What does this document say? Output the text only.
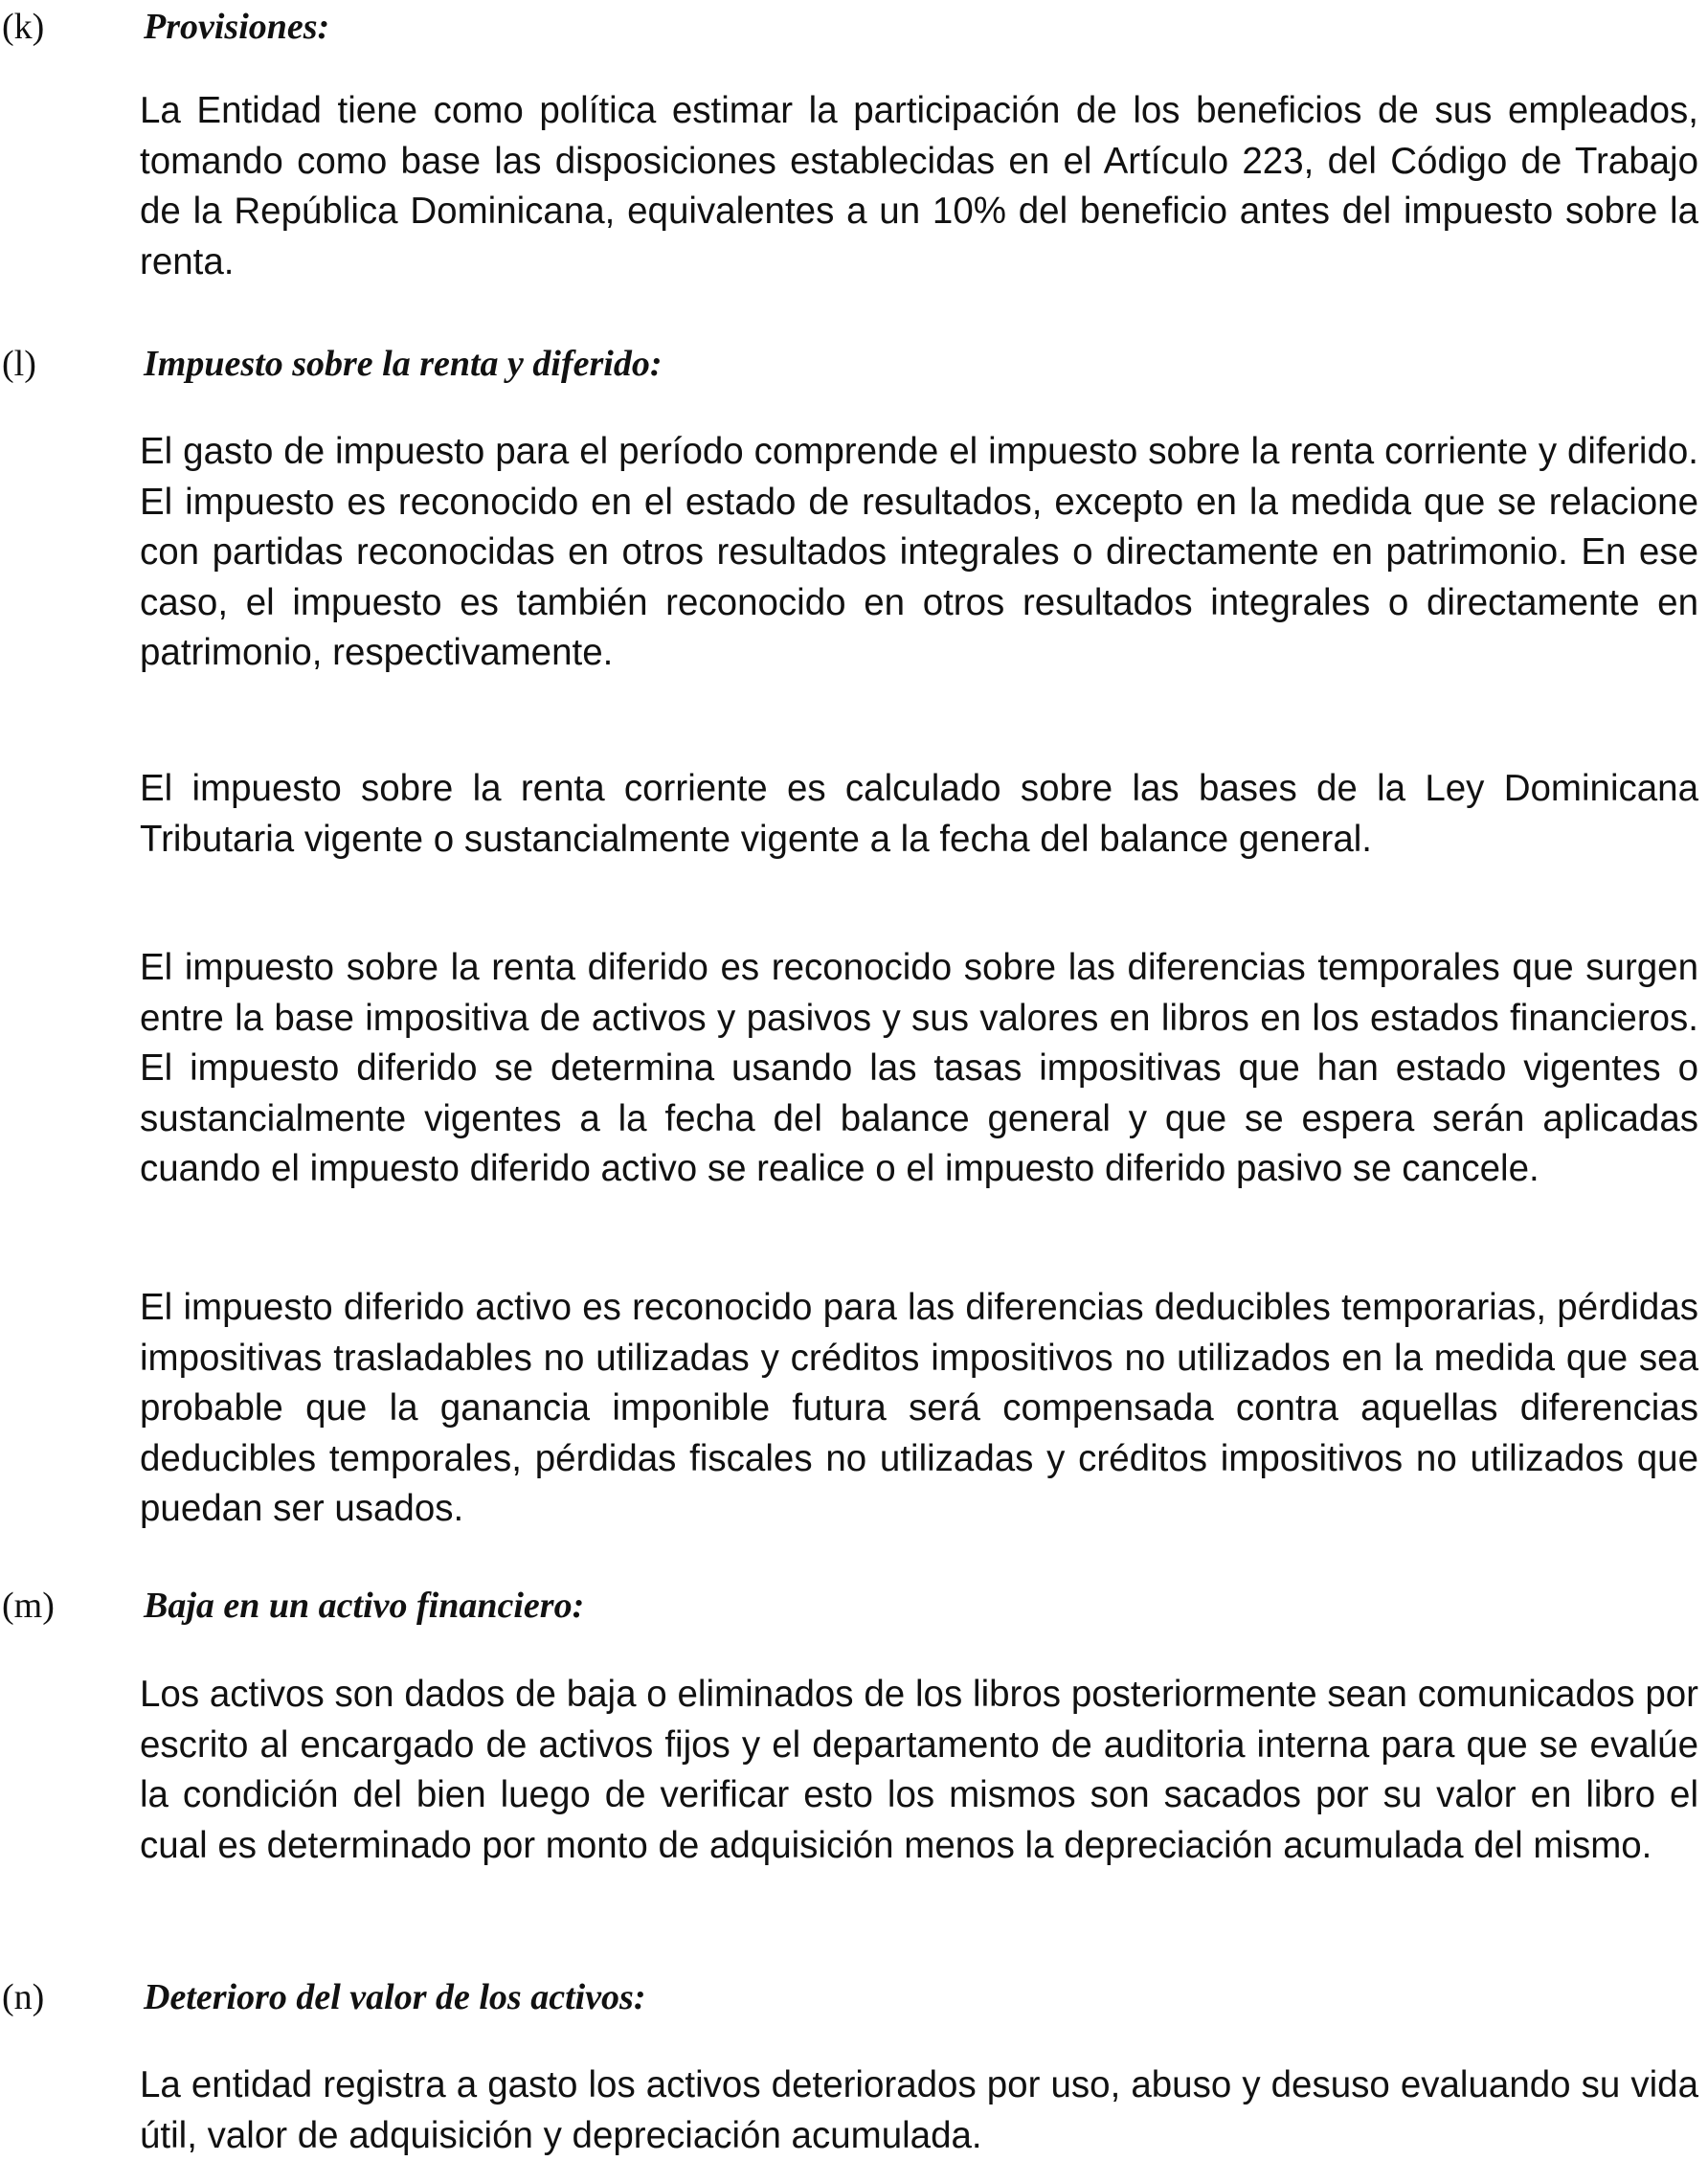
(k)	Provisiones:

La Entidad tiene como política estimar la participación de los beneficios de sus empleados, tomando como base las disposiciones establecidas en el Artículo 223, del Código de Trabajo de la República Dominicana, equivalentes a un 10% del beneficio antes del impuesto sobre la renta.

(l)	Impuesto sobre la renta y diferido:

El gasto de impuesto para el período comprende el impuesto sobre la renta corriente y diferido. El impuesto es reconocido en el estado de resultados, excepto en la medida que se relacione con partidas reconocidas en otros resultados integrales o directamente en patrimonio. En ese caso, el impuesto es también reconocido en otros resultados integrales o directamente en patrimonio, respectivamente.

El impuesto sobre la renta corriente es calculado sobre las bases de la Ley Dominicana Tributaria vigente o sustancialmente vigente a la fecha del balance general.

El impuesto sobre la renta diferido es reconocido sobre las diferencias temporales que surgen entre la base impositiva de activos y pasivos y sus valores en libros en los estados financieros. El impuesto diferido se determina usando las tasas impositivas que han estado vigentes o sustancialmente vigentes a la fecha del balance general y que se espera serán aplicadas cuando el impuesto diferido activo se realice o el impuesto diferido pasivo se cancele.

El impuesto diferido activo es reconocido para las diferencias deducibles temporarias, pérdidas impositivas trasladables no utilizadas y créditos impositivos no utilizados en la medida que sea probable que la ganancia imponible futura será compensada contra aquellas diferencias deducibles temporales, pérdidas fiscales no utilizadas y créditos impositivos no utilizados que puedan ser usados.

(m) Baja en un activo financiero:

Los activos son dados de baja o eliminados de los libros posteriormente sean comunicados por escrito al encargado de activos fijos y el departamento de auditoria interna para que se evalúe la condición del bien luego de verificar esto los mismos son sacados por su valor en libro el cual es determinado por monto de adquisición menos la depreciación acumulada del mismo.

(n)	Deterioro del valor de los activos:

La entidad registra a gasto los activos deteriorados por uso, abuso y desuso evaluando su vida útil, valor de adquisición y depreciación acumulada.
